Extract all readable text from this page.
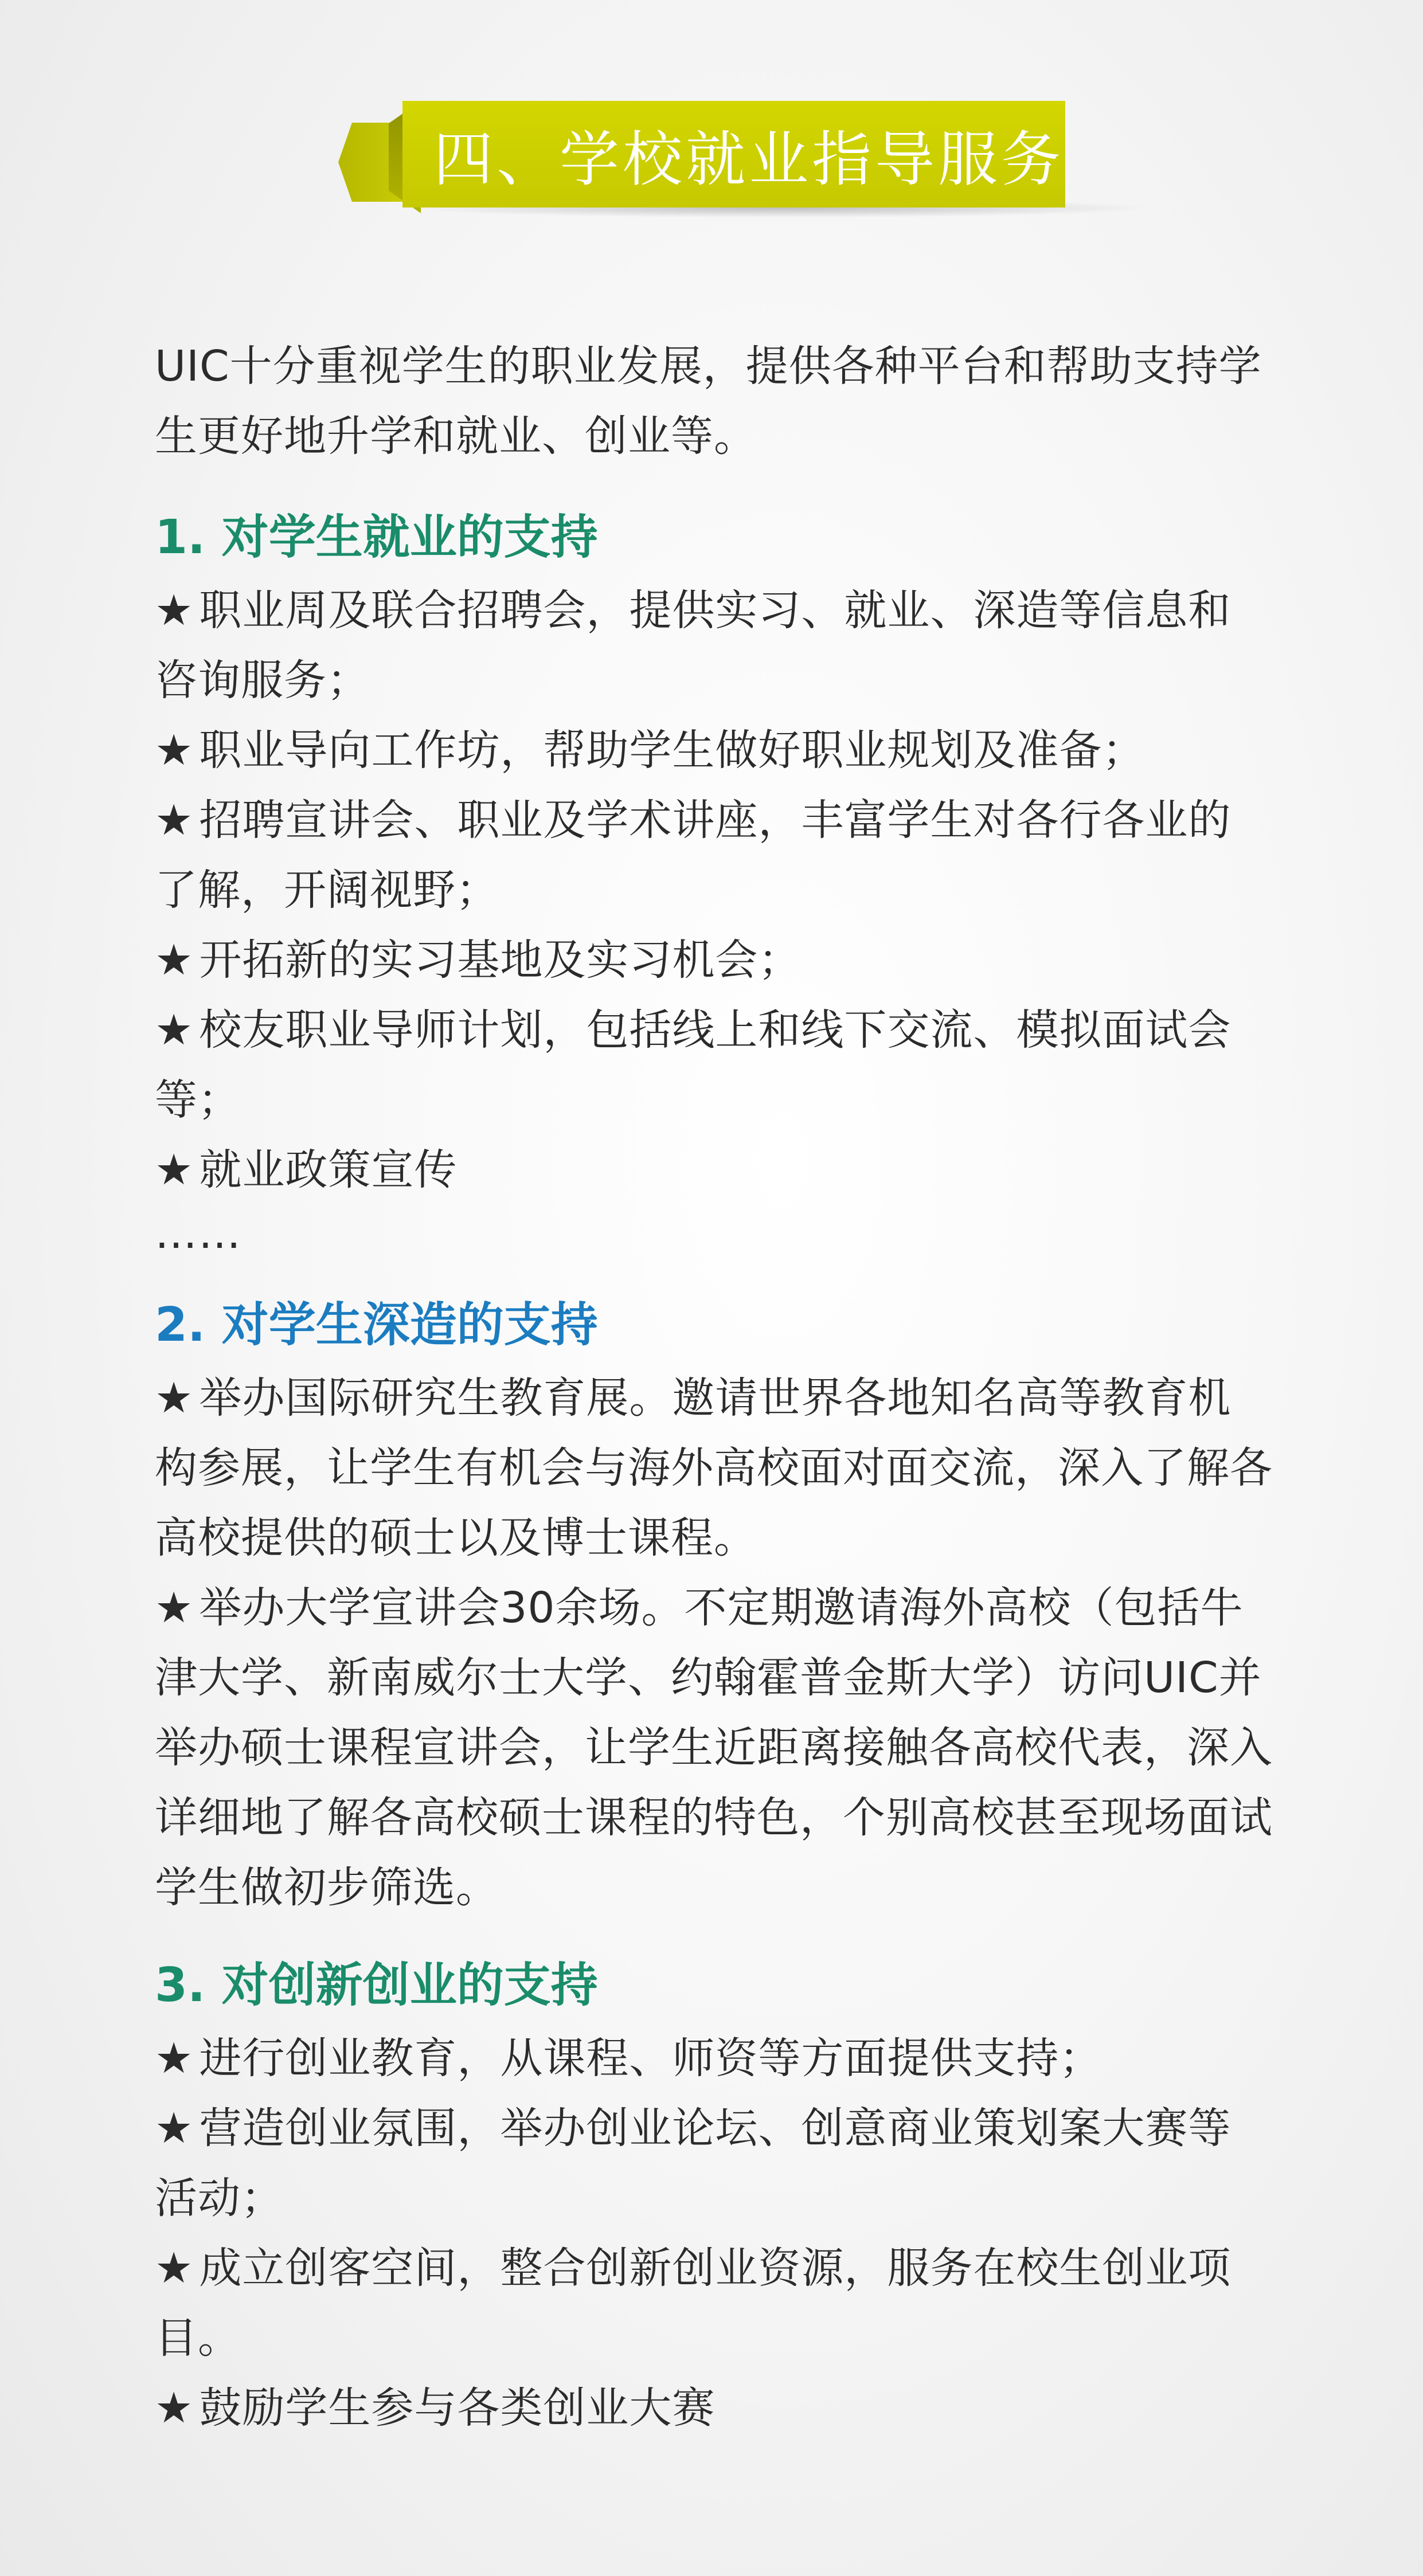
四、学校就业指导服务

UIC十分重视学生的职业发展，提供各种平台和帮助支持学生更好地升学和就业、创业等。

1. 对学生就业的支持

★ 职业周及联合招聘会，提供实习、就业、深造等信息和咨询服务；

★ 职业导向工作坊，帮助学生做好职业规划及准备；

★ 招聘宣讲会、职业及学术讲座，丰富学生对各行各业的了解，开阔视野；

★ 开拓新的实习基地及实习机会；

★ 校友职业导师计划，包括线上和线下交流、模拟面试会等；

★ 就业政策宣传

……

2. 对学生深造的支持

★ 举办国际研究生教育展。邀请世界各地知名高等教育机构参展，让学生有机会与海外高校面对面交流，深入了解各高校提供的硕士以及博士课程。

★ 举办大学宣讲会30余场。不定期邀请海外高校（包括牛津大学、新南威尔士大学、约翰霍普金斯大学）访问UIC并举办硕士课程宣讲会，让学生近距离接触各高校代表，深入详细地了解各高校硕士课程的特色，个别高校甚至现场面试学生做初步筛选。

3. 对创新创业的支持

★ 进行创业教育，从课程、师资等方面提供支持；

★ 营造创业氛围，举办创业论坛、创意商业策划案大赛等活动；

★ 成立创客空间，整合创新创业资源，服务在校生创业项目。

★ 鼓励学生参与各类创业大赛
